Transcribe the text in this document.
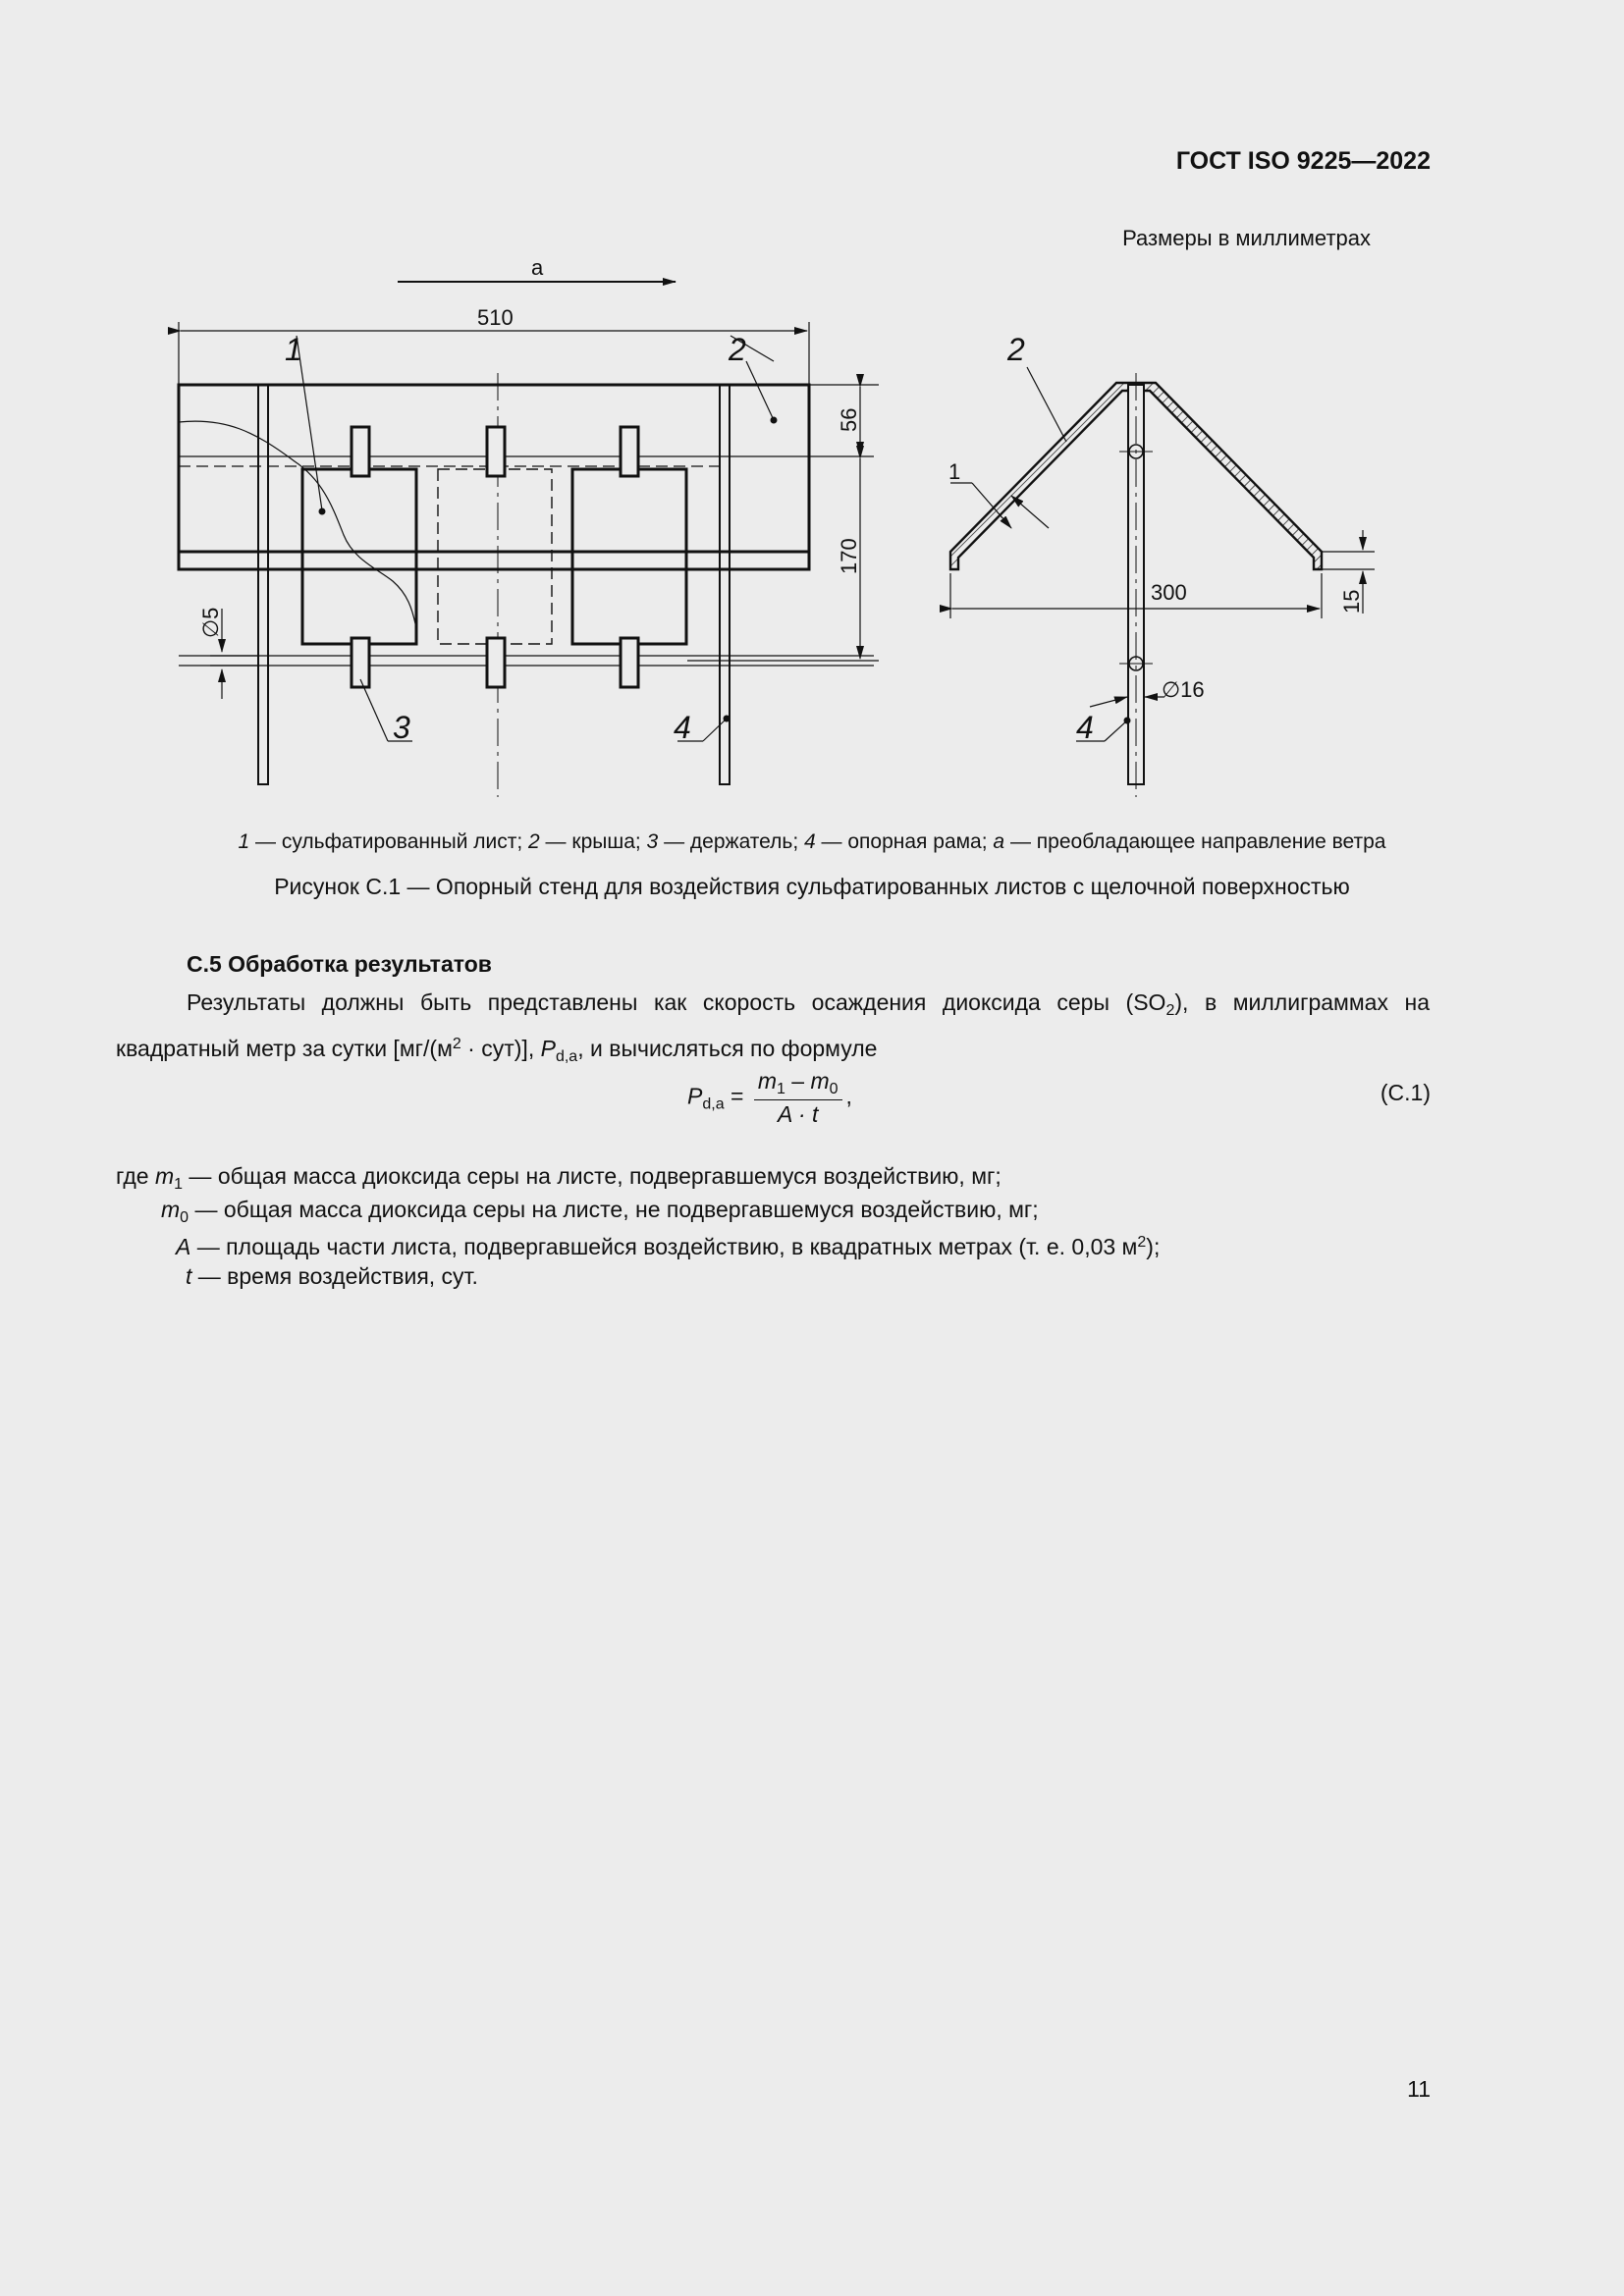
ГОСТ ISO 9225—2022
Размеры в миллиметрах
a
510
56
170
∅5
1	2
3	4
300	15
∅16
1
2
4
1 — сульфатированный лист; 2 — крыша; 3 — держатель; 4 — опорная рама; a — преобладающее направление ветра
Рисунок С.1 — Опорный стенд для воздействия сульфатированных листов с щелочной поверхностью
С.5 Обработка результатов
Результаты должны быть представлены как скорость осаждения диоксида серы $(SO_2)$, в миллиграммах на квадратный метр за сутки $[мг/(м^2 \cdot сут)]$, $P_{d,a}$, и вычисляться по формуле
$P_{d,a} = \frac{m_1 - m_0}{A \cdot t}$ ,	(С.1)
где $m_1$ — общая масса диоксида серы на листе, подвергавшемуся воздействию, мг;
$m_0$ — общая масса диоксида серы на листе, не подвергавшемуся воздействию, мг;
A — площадь части листа, подвергавшейся воздействию, в квадратных метрах (т. е. 0,03 $м^2$);
t — время воздействия, сут.
11
